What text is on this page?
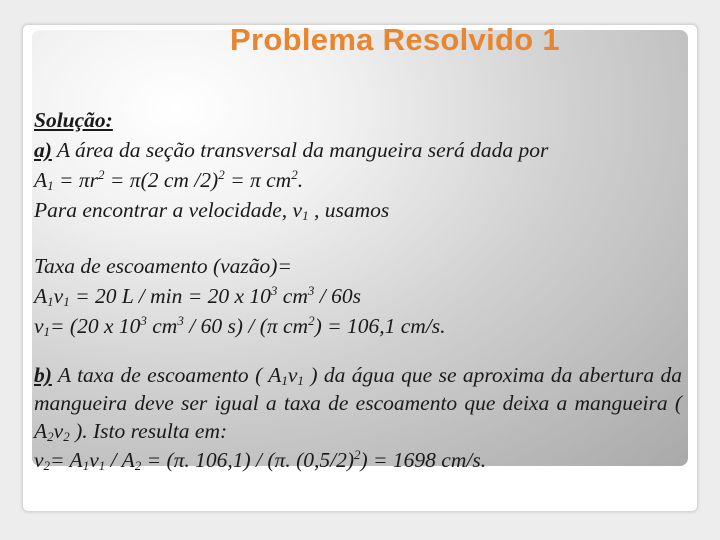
Problema Resolvido 1
Solução:
a) A área da seção transversal da mangueira será dada por
$A_1 = \pi r^2 = \pi(2$ cm /2)$^2$ = π $cm^2$.
Para encontrar a velocidade, $v_1$ , usamos
Taxa de escoamento (vazão)=
$A_1v_1 = 20$ L / min = 20 x $10^3$ $cm^3 / 60s$
$v_1= (20$ x $10^3$ $cm^3 / 60$ s) / (π $cm^2) = 106,1$ cm/s.
b) A taxa de escoamento ( $A_1v_1$ ) da água que se aproxima da abertura da mangueira deve ser igual a taxa de escoamento que deixa a mangueira ( $A_2v_2$ ). Isto resulta em:
$v_2= A_1v_1 / A_2 = (\pi$. 106,1) / (π. $(0,5/2)^2) = 1698$ cm/s.
